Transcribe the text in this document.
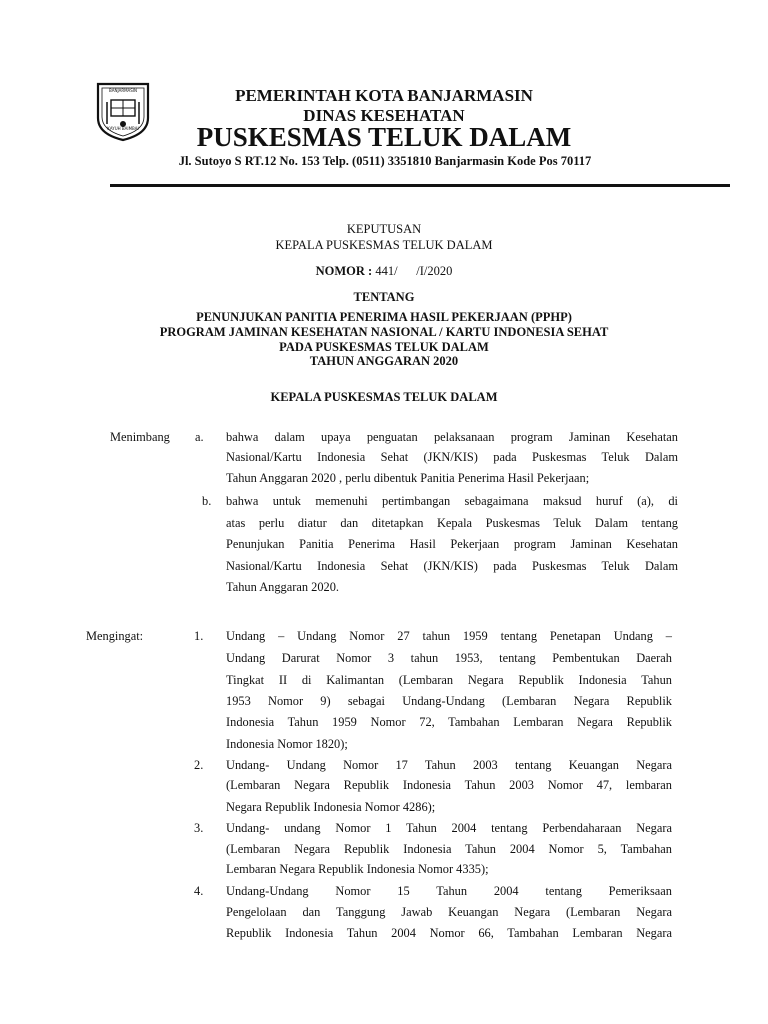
BANJARMASIN
KAYUH BAIMBAI
PEMERINTAH KOTA BANJARMASIN
DINAS KESEHATAN
PUSKESMAS TELUK DALAM
Jl. Sutoyo S RT.12 No. 153 Telp. (0511) 3351810 Banjarmasin Kode Pos 70117
KEPUTUSAN
KEPALA PUSKESMAS TELUK DALAM
NOMOR : 441/      /I/2020
TENTANG
PENUNJUKAN PANITIA PENERIMA HASIL PEKERJAAN (PPHP)
PROGRAM JAMINAN KESEHATAN NASIONAL / KARTU INDONESIA SEHAT
PADA PUSKESMAS TELUK DALAM
TAHUN ANGGARAN 2020
KEPALA PUSKESMAS TELUK DALAM
Menimbang a. bahwa dalam upaya penguatan pelaksanaan program Jaminan Kesehatan
Nasional/Kartu Indonesia Sehat (JKN/KIS) pada Puskesmas Teluk Dalam
Tahun Anggaran 2020 , perlu dibentuk Panitia Penerima Hasil Pekerjaan;
b. bahwa untuk memenuhi pertimbangan sebagaimana maksud huruf (a), di
atas perlu diatur dan ditetapkan Kepala Puskesmas Teluk Dalam tentang
Penunjukan Panitia Penerima Hasil Pekerjaan program Jaminan Kesehatan
Nasional/Kartu Indonesia Sehat (JKN/KIS) pada Puskesmas Teluk Dalam
Tahun Anggaran 2020.
Mengingat:	1. Undang – Undang Nomor 27 tahun 1959 tentang Penetapan Undang –
Undang Darurat Nomor 3 tahun 1953, tentang Pembentukan Daerah
Tingkat II di Kalimantan (Lembaran Negara Republik Indonesia Tahun
1953 Nomor 9) sebagai Undang-Undang (Lembaran Negara Republik
Indonesia Tahun 1959 Nomor 72, Tambahan Lembaran Negara Republik
Indonesia Nomor 1820);
2. Undang- Undang Nomor 17 Tahun 2003 tentang Keuangan Negara
(Lembaran Negara Republik Indonesia Tahun 2003 Nomor 47, lembaran
Negara Republik Indonesia Nomor 4286);
3. Undang- undang Nomor 1 Tahun 2004 tentang Perbendaharaan Negara
(Lembaran Negara Republik Indonesia Tahun 2004 Nomor 5, Tambahan
Lembaran Negara Republik Indonesia Nomor 4335);
4. Undang-Undang Nomor 15 Tahun 2004 tentang Pemeriksaan
Pengelolaan dan Tanggung Jawab Keuangan Negara (Lembaran Negara
Republik Indonesia Tahun 2004 Nomor 66, Tambahan Lembaran Negara
